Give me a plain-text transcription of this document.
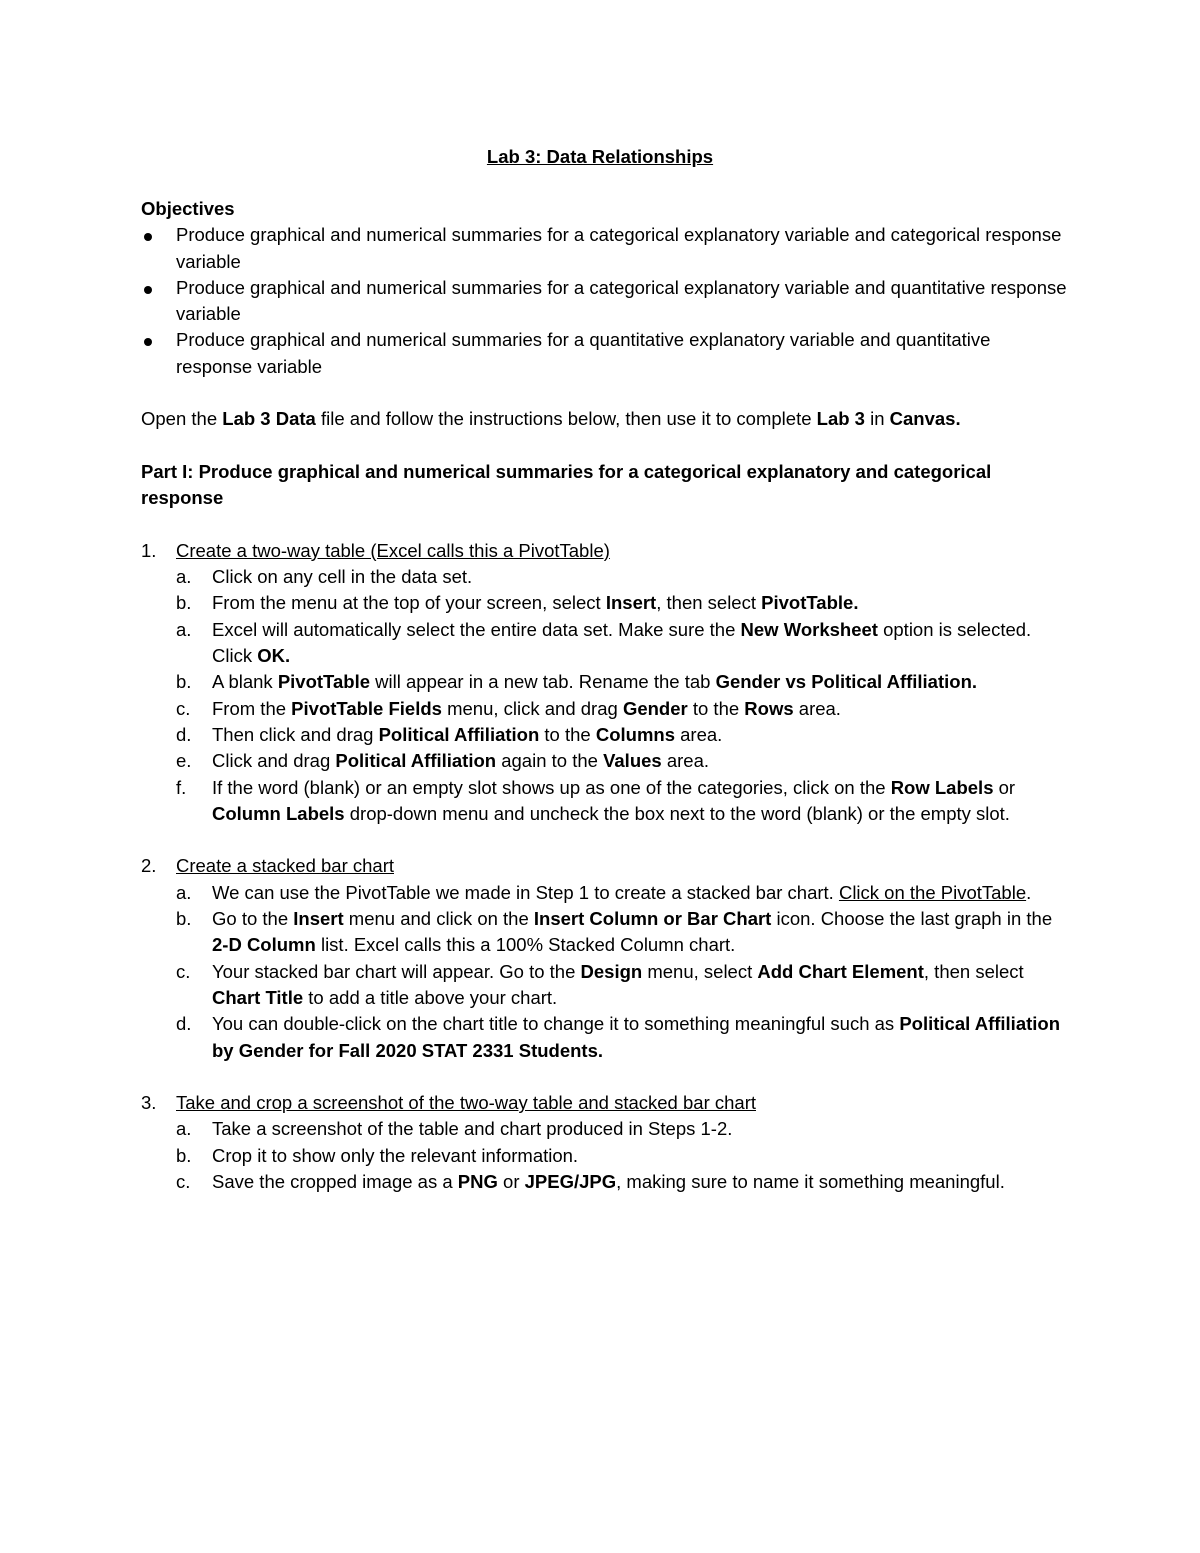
Lab 3: Data Relationships

Objectives

Produce graphical and numerical summaries for a categorical explanatory variable and categorical response variable
Produce graphical and numerical summaries for a categorical explanatory variable and quantitative response variable
Produce graphical and numerical summaries for a quantitative explanatory variable and quantitative response variable

Open the Lab 3 Data file and follow the instructions below, then use it to complete Lab 3 in Canvas.

Part I: Produce graphical and numerical summaries for a categorical explanatory and categorical response

1. Create a two-way table (Excel calls this a PivotTable)
a. Click on any cell in the data set.
b. From the menu at the top of your screen, select Insert, then select PivotTable.
a. Excel will automatically select the entire data set. Make sure the New Worksheet option is selected. Click OK.
b. A blank PivotTable will appear in a new tab. Rename the tab Gender vs Political Affiliation.
c. From the PivotTable Fields menu, click and drag Gender to the Rows area.
d. Then click and drag Political Affiliation to the Columns area.
e. Click and drag Political Affiliation again to the Values area.
f. If the word (blank) or an empty slot shows up as one of the categories, click on the Row Labels or Column Labels drop-down menu and uncheck the box next to the word (blank) or the empty slot.
2. Create a stacked bar chart
a. We can use the PivotTable we made in Step 1 to create a stacked bar chart. Click on the PivotTable.
b. Go to the Insert menu and click on the Insert Column or Bar Chart icon. Choose the last graph in the 2-D Column list. Excel calls this a 100% Stacked Column chart.
c. Your stacked bar chart will appear. Go to the Design menu, select Add Chart Element, then select Chart Title to add a title above your chart.
d. You can double-click on the chart title to change it to something meaningful such as Political Affiliation by Gender for Fall 2020 STAT 2331 Students.
3. Take and crop a screenshot of the two-way table and stacked bar chart
a. Take a screenshot of the table and chart produced in Steps 1-2.
b. Crop it to show only the relevant information.
c. Save the cropped image as a PNG or JPEG/JPG, making sure to name it something meaningful.
